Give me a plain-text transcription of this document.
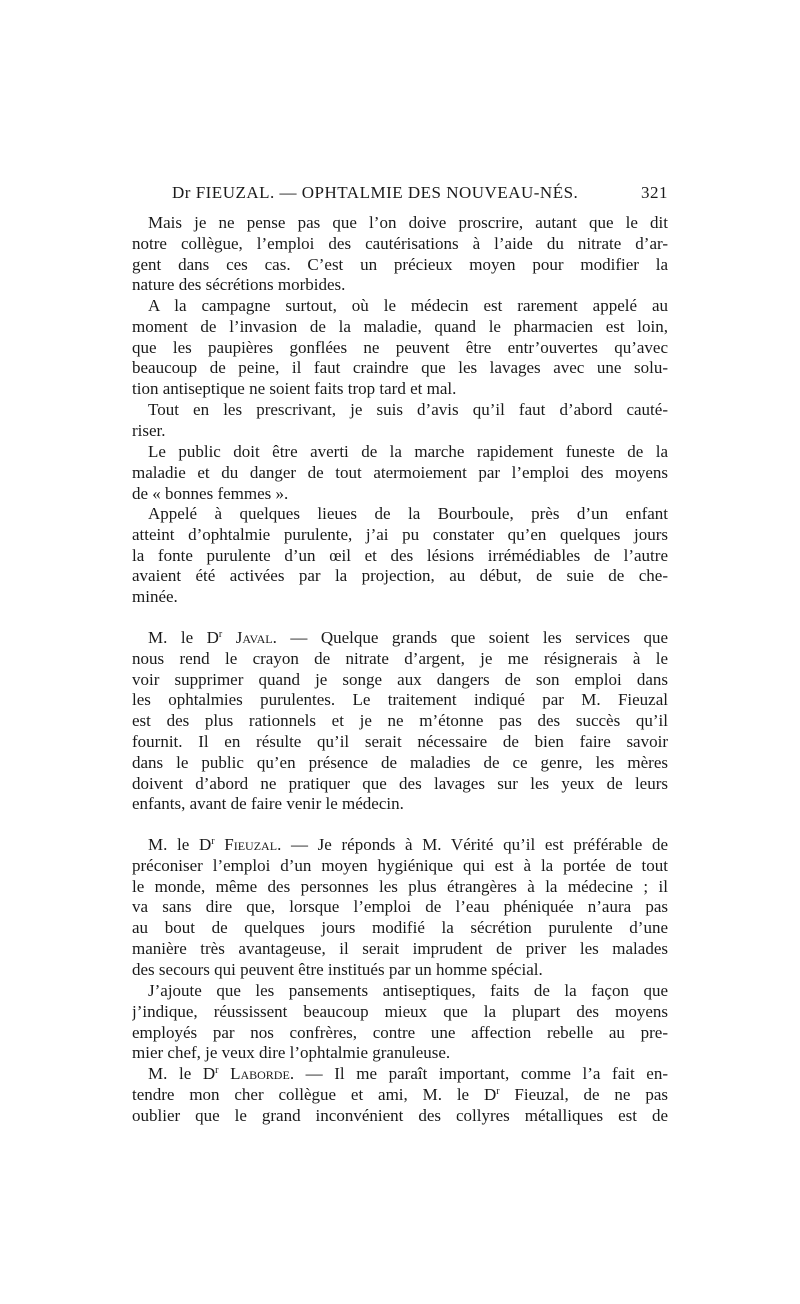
Dr FIEUZAL. — OPHTALMIE DES NOUVEAU-NÉS.	321
Mais je ne pense pas que l’on doive proscrire, autant que le dit
notre collègue, l’emploi des cautérisations à l’aide du nitrate d’ar-
gent dans ces cas. C’est un précieux moyen pour modifier la
nature des sécrétions morbides.
A la campagne surtout, où le médecin est rarement appelé au
moment de l’invasion de la maladie, quand le pharmacien est loin,
que les paupières gonflées ne peuvent être entr’ouvertes qu’avec
beaucoup de peine, il faut craindre que les lavages avec une solu-
tion antiseptique ne soient faits trop tard et mal.
Tout en les prescrivant, je suis d’avis qu’il faut d’abord cauté-
riser.
Le public doit être averti de la marche rapidement funeste de la
maladie et du danger de tout atermoiement par l’emploi des moyens
de « bonnes femmes ».
Appelé à quelques lieues de la Bourboule, près d’un enfant
atteint d’ophtalmie purulente, j’ai pu constater qu’en quelques jours
la fonte purulente d’un œil et des lésions irrémédiables de l’autre
avaient été activées par la projection, au début, de suie de che-
minée.
M. le $D^r$ Javal. — Quelque grands que soient les services que
nous rend le crayon de nitrate d’argent, je me résignerais à le
voir supprimer quand je songe aux dangers de son emploi dans
les ophtalmies purulentes. Le traitement indiqué par M. Fieuzal
est des plus rationnels et je ne m’étonne pas des succès qu’il
fournit. Il en résulte qu’il serait nécessaire de bien faire savoir
dans le public qu’en présence de maladies de ce genre, les mères
doivent d’abord ne pratiquer que des lavages sur les yeux de leurs
enfants, avant de faire venir le médecin.
M. le $D^r$ Fieuzal. — Je réponds à M. Vérité qu’il est préférable de
préconiser l’emploi d’un moyen hygiénique qui est à la portée de tout
le monde, même des personnes les plus étrangères à la médecine ; il
va sans dire que, lorsque l’emploi de l’eau phéniquée n’aura pas
au bout de quelques jours modifié la sécrétion purulente d’une
manière très avantageuse, il serait imprudent de priver les malades
des secours qui peuvent être institués par un homme spécial.
J’ajoute que les pansements antiseptiques, faits de la façon que
j’indique, réussissent beaucoup mieux que la plupart des moyens
employés par nos confrères, contre une affection rebelle au pre-
mier chef, je veux dire l’ophtalmie granuleuse.
M. le $D^r$ Laborde. — Il me paraît important, comme l’a fait en-
tendre mon cher collègue et ami, M. le $D^r$ Fieuzal, de ne pas
oublier que le grand inconvénient des collyres métalliques est de
